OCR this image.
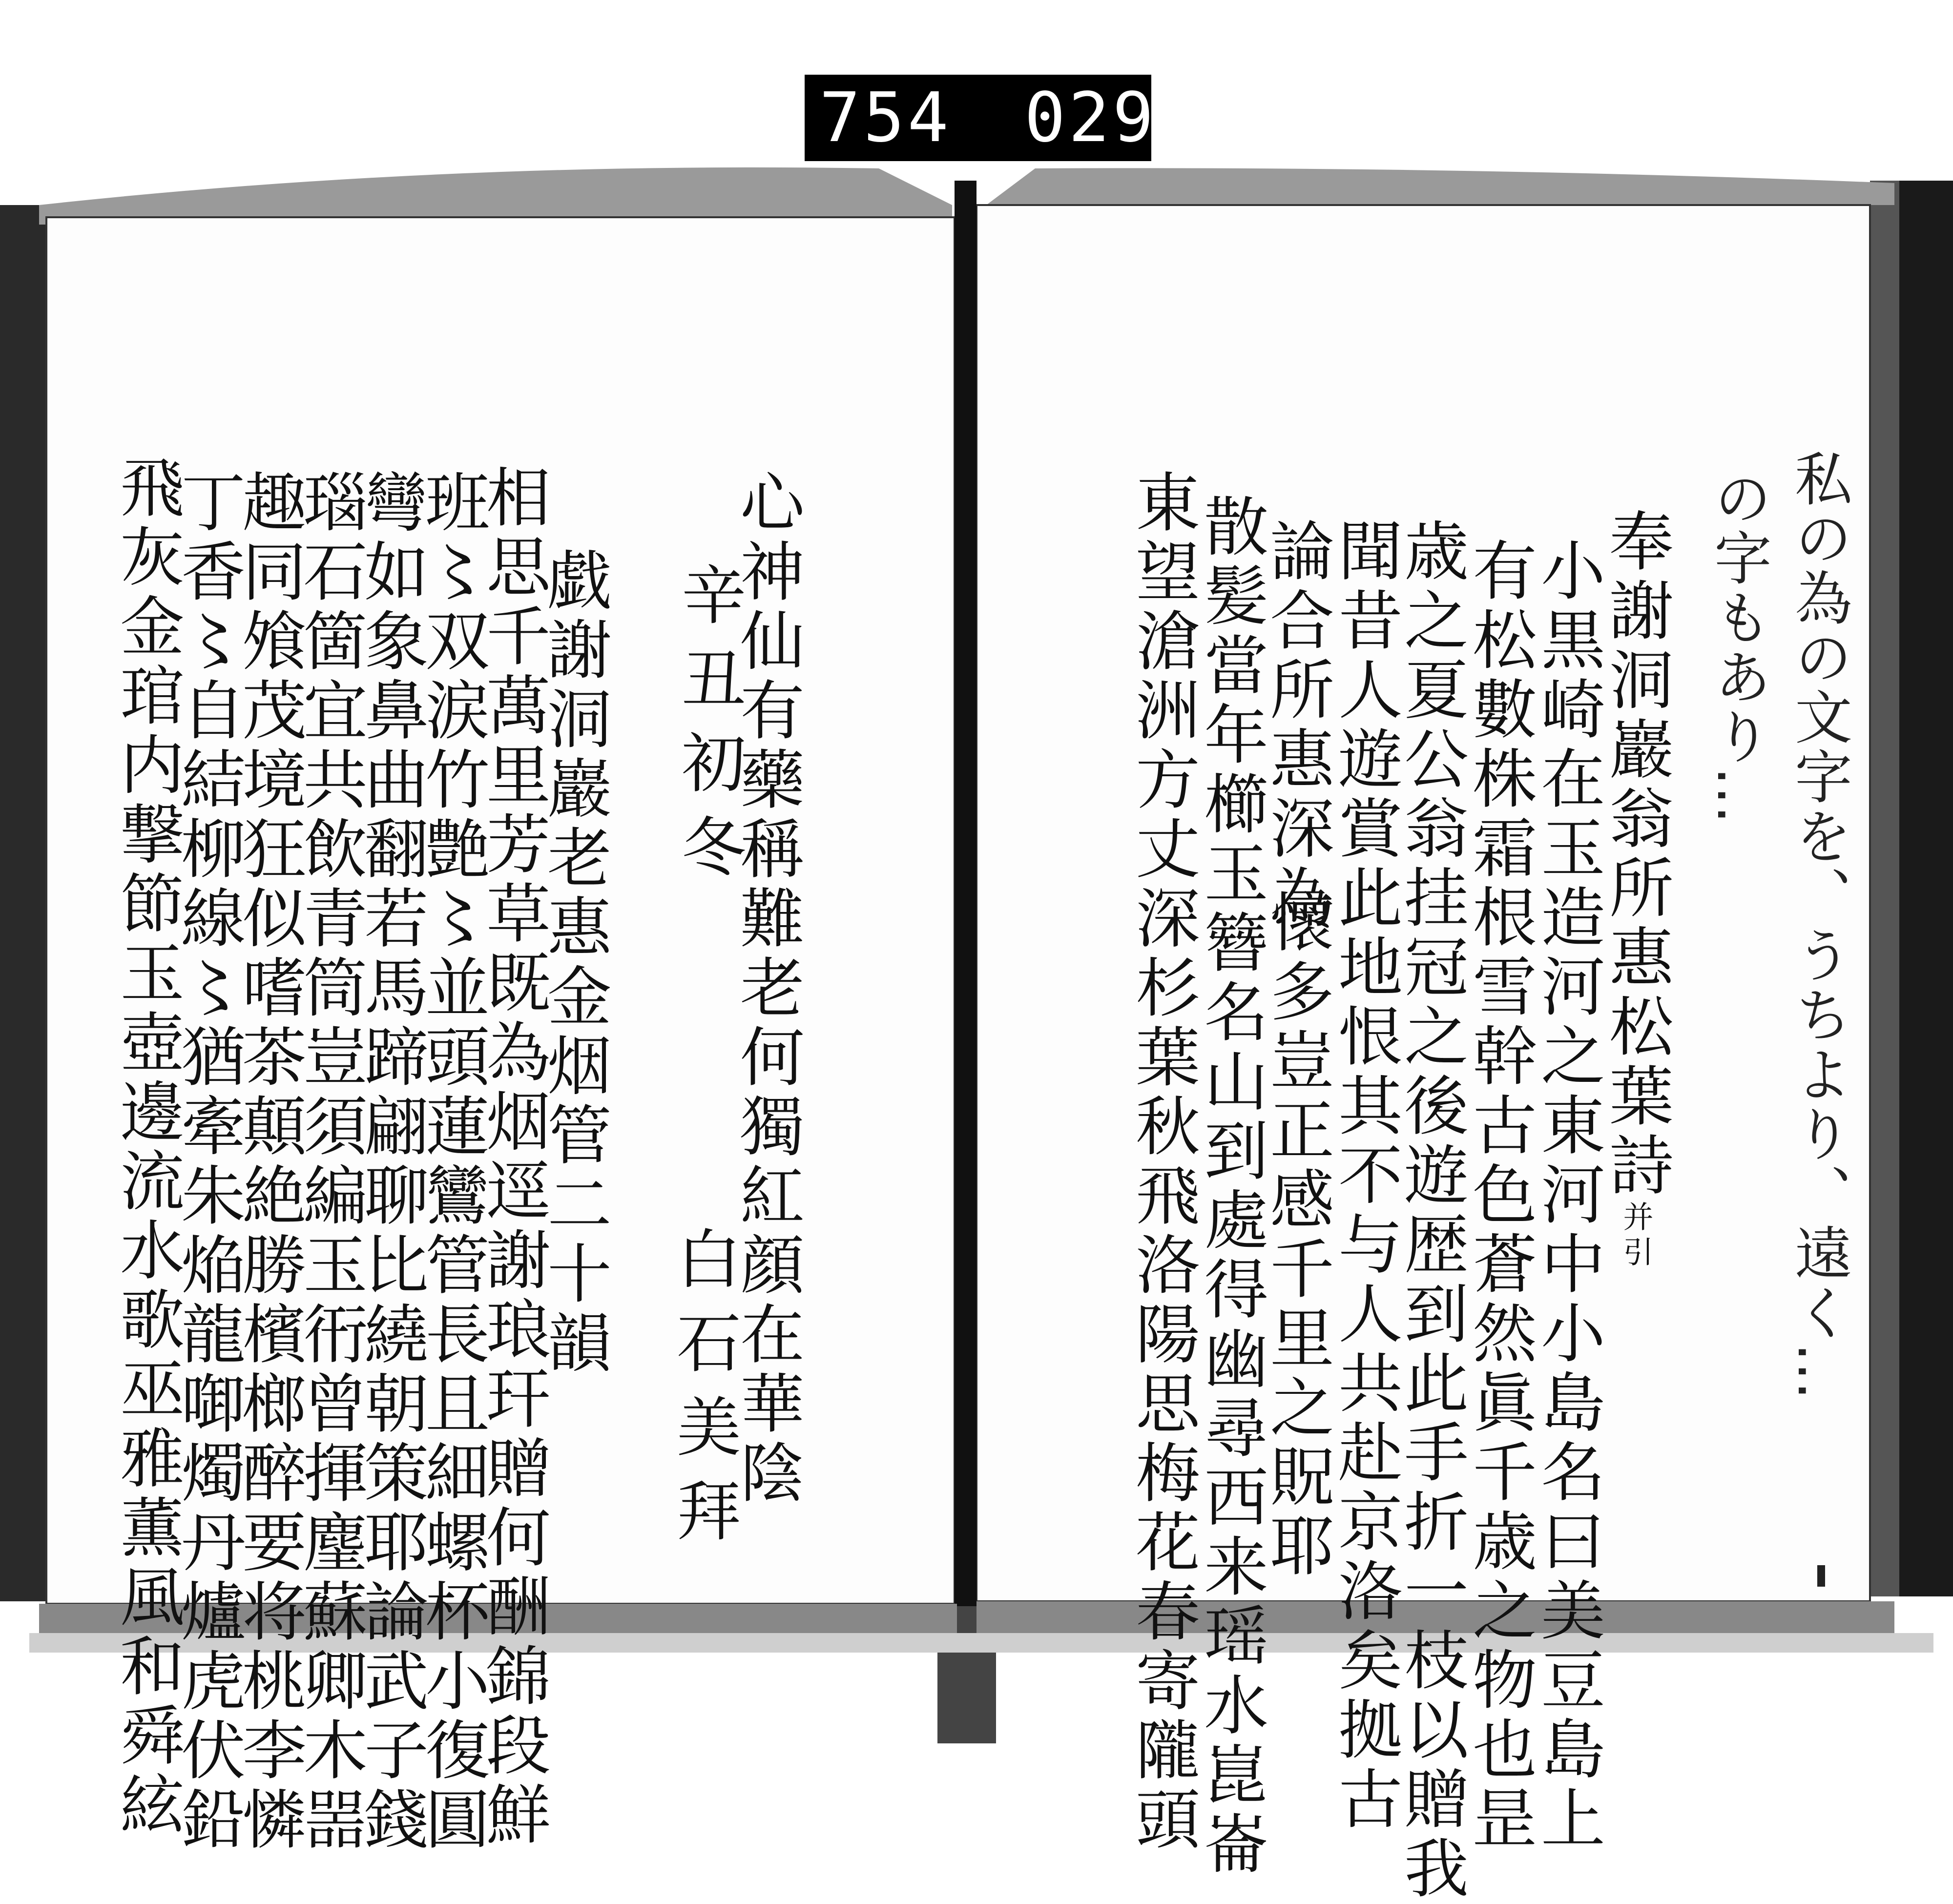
754 029
私の為の文字を、うちより、遠く…
の字もあり…
奉謝洞巖翁所惠松葉詩并引
小黒崎在玉造河之東河中小島名曰美豆島上
有松數株霜根雪幹古色蒼然眞千歳之物也昰
歳之夏公翁挂冠之後遊歴到此手折一枝以贈我
聞昔人遊賞此地恨其不与人共赴京洛矣拠古
論合所惠深為
懷多豈正感千里之貺耶
散髪當年櫛玉簪名山到處得幽尋西来瑶水崑崙
東望滄洲方丈深杉葉秋飛洛陽思梅花春寄隴頭
心神仙有藥稱難老何獨紅顔在華陰
辛丑初冬
白石美拜
戯謝洞巖老惠金烟管二十韻
相思千萬里芳草既為烟逕謝琅玕贈何酬錦段鮮
班〻双涙竹艶〻並頭蓮鸞管長且細螺杯小復圓
彎如象鼻曲翻若馬蹄翩聊比繞朝策耶論武子錢
瑙石箇宜共飲青筒豈須編玉衎曾揮麈蘇卿木噐
趣同飧茂境狂似嗜茶顛絶勝檳榔醉要将桃李憐
丁香〻自結柳線〻猶牽朱焔龍啣燭丹爐虎伏鉛
飛灰金琯内撃節玉壺邊流水歌巫雅薫風和舜絃
